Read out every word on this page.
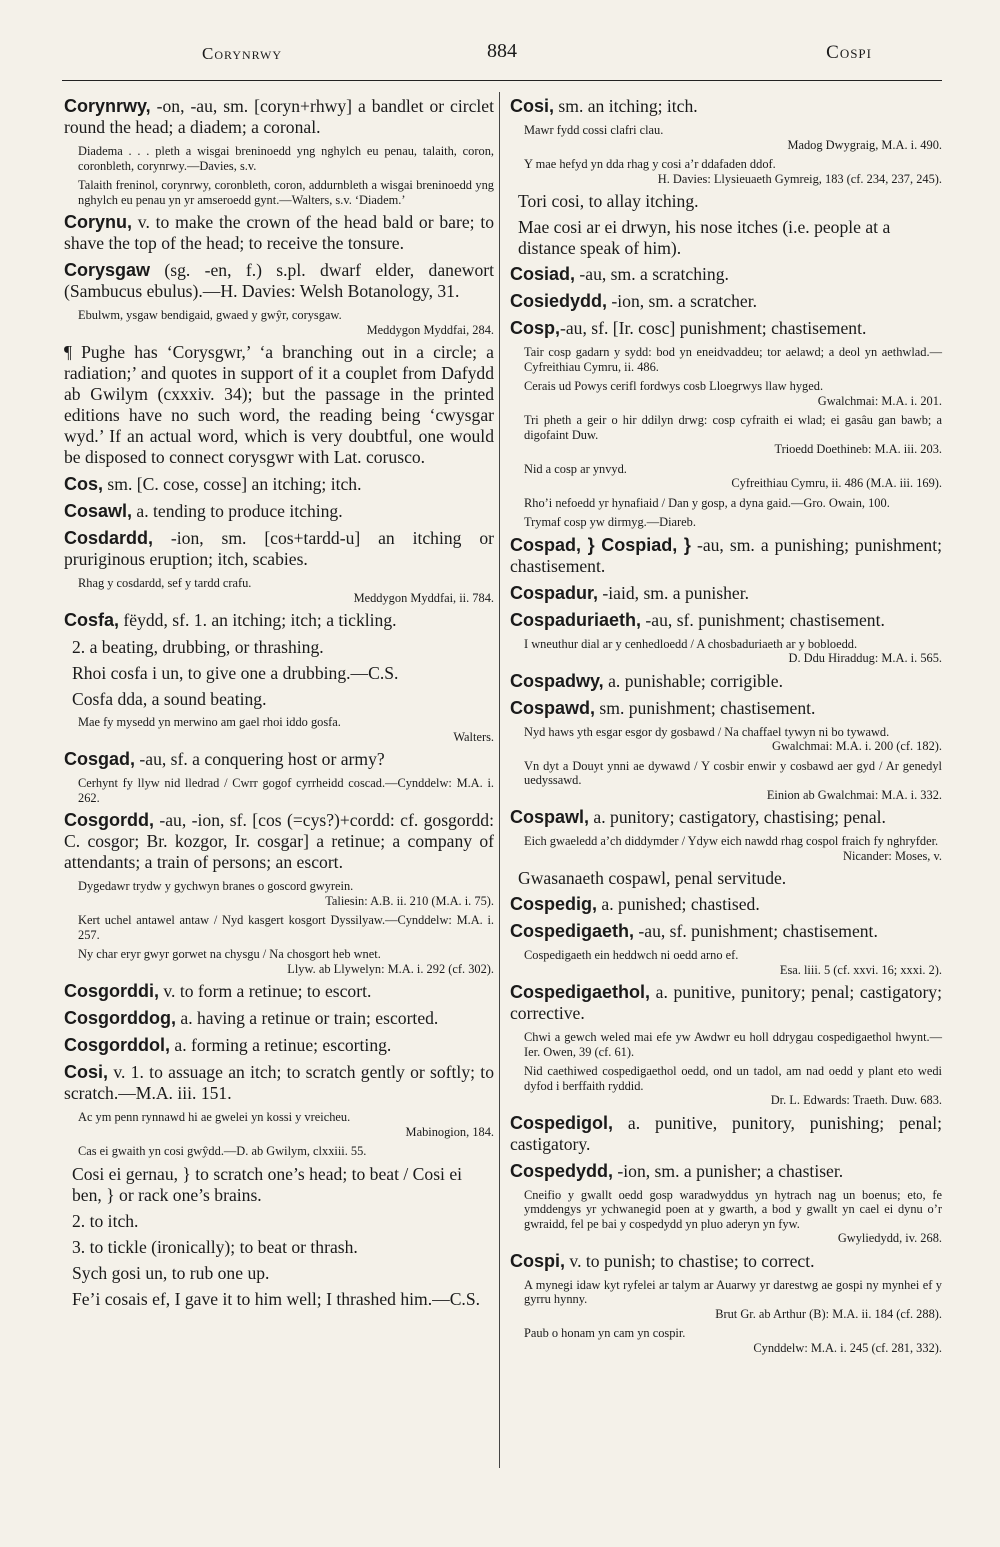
Corynrwy	884	Cospi
Corynrwy, -on, -au, sm. [coryn+rhwy] a bandlet or circlet round the head; a diadem; a coronal.
Diadema . . . pleth a wisgai breninoedd yng nghylch eu penau, talaith, coron, coronbleth, corynrwy.—Davies, s.v.
Talaith freninol, corynrwy, coronbleth, coron, addurnbleth a wisgai breninoedd yng nghylch eu penau yn yr amseroedd gynt.—Walters, s.v. ‘Diadem.’
Corynu, v. to make the crown of the head bald or bare; to shave the top of the head; to receive the tonsure.
Corysgaw (sg. -en, f.) s.pl. dwarf elder, danewort (Sambucus ebulus).—H. Davies: Welsh Botanology, 31.
Ebulwm, ysgaw bendigaid, gwaed y gwŷr, corysgaw.
Meddygon Myddfai, 284.
¶ Pughe has ‘Corysgwr,’ ‘a branching out in a circle; a radiation;’ and quotes in support of it a couplet from Dafydd ab Gwilym (cxxxiv. 34); but the passage in the printed editions have no such word, the reading being ‘cwysgar wyd.’ If an actual word, which is very doubtful, one would be disposed to connect corysgwr with Lat. corusco.
Cos, sm. [C. cose, cosse] an itching; itch.
Cosawl, a. tending to produce itching.
Cosdardd, -ion, sm. [cos+tardd-u] an itching or pruriginous eruption; itch, scabies.
Rhag y cosdardd, sef y tardd crafu.
Meddygon Myddfai, ii. 784.
Cosfa, fëydd, sf. 1. an itching; itch; a tickling.
2. a beating, drubbing, or thrashing.
Rhoi cosfa i un, to give one a drubbing.—C.S.
Cosfa dda, a sound beating.
Mae fy mysedd yn merwino am gael rhoi iddo gosfa.
Walters.
Cosgad, -au, sf. a conquering host or army?
Cerhynt fy llyw nid lledrad / Cwrr gogof cyrrheidd coscad.—Cynddelw: M.A. i. 262.
Cosgordd, -au, -ion, sf. [cos (=cys?)+cordd: cf. gosgordd: C. cosgor; Br. kozgor, Ir. cosgar] a retinue; a company of attendants; a train of persons; an escort.
Dygedawr trydw y gychwyn branes o goscord gwyrein.
Taliesin: A.B. ii. 210 (M.A. i. 75).
Kert uchel antawel antaw / Nyd kasgert kosgort Dyssilyaw.—Cynddelw: M.A. i. 257.
Ny char eryr gwyr gorwet na chysgu / Na chosgort heb wnet.
Llyw. ab Llywelyn: M.A. i. 292 (cf. 302).
Cosgorddi, v. to form a retinue; to escort.
Cosgorddog, a. having a retinue or train; escorted.
Cosgorddol, a. forming a retinue; escorting.
Cosi, v. 1. to assuage an itch; to scratch gently or softly; to scratch.—M.A. iii. 151.
Ac ym penn rynnawd hi ae gwelei yn kossi y vreicheu.
Mabinogion, 184.
Cas ei gwaith yn cosi gwŷdd.—D. ab Gwilym, clxxiii. 55.
Cosi ei gernau, } to scratch one’s head; to beat / Cosi ei ben, } or rack one’s brains.
2. to itch.
3. to tickle (ironically); to beat or thrash.
Sych gosi un, to rub one up.
Fe’i cosais ef, I gave it to him well; I thrashed him.—C.S.
Cosi, sm. an itching; itch.
Mawr fydd cossi clafri clau.
Madog Dwygraig, M.A. i. 490.
Y mae hefyd yn dda rhag y cosi a’r ddafaden ddof.
H. Davies: Llysieuaeth Gymreig, 183 (cf. 234, 237, 245).
Tori cosi, to allay itching.
Mae cosi ar ei drwyn, his nose itches (i.e. people at a distance speak of him).
Cosiad, -au, sm. a scratching.
Cosiedydd, -ion, sm. a scratcher.
Cosp,-au, sf. [Ir. cosc] punishment; chastisement.
Tair cosp gadarn y sydd: bod yn eneidvaddeu; tor aelawd; a deol yn aethwlad.—Cyfreithiau Cymru, ii. 486.
Cerais ud Powys cerifl fordwys cosb Lloegrwys llaw hyged.
Gwalchmai: M.A. i. 201.
Tri pheth a geir o hir ddilyn drwg: cosp cyfraith ei wlad; ei gasâu gan bawb; a digofaint Duw.
Trioedd Doethineb: M.A. iii. 203.
Nid a cosp ar ynvyd.
Cyfreithiau Cymru, ii. 486 (M.A. iii. 169).
Rho’i nefoedd yr hynafiaid / Dan y gosp, a dyna gaid.—Gro. Owain, 100.
Trymaf cosp yw dirmyg.—Diareb.
Cospad, } Cospiad, } -au, sm. a punishing; punishment; chastisement.
Cospadur, -iaid, sm. a punisher.
Cospaduriaeth, -au, sf. punishment; chastisement.
I wneuthur dial ar y cenhedloedd / A chosbaduriaeth ar y bobloedd.
D. Ddu Hiraddug: M.A. i. 565.
Cospadwy, a. punishable; corrigible.
Cospawd, sm. punishment; chastisement.
Nyd haws yth esgar esgor dy gosbawd / Na chaffael tywyn ni bo tywawd.
Gwalchmai: M.A. i. 200 (cf. 182).
Vn dyt a Douyt ynni ae dywawd / Y cosbir enwir y cosbawd aer gyd / Ar genedyl uedyssawd.
Einion ab Gwalchmai: M.A. i. 332.
Cospawl, a. punitory; castigatory, chastising; penal.
Eich gwaeledd a’ch diddymder / Ydyw eich nawdd rhag cospol fraich fy nghryfder.
Nicander: Moses, v.
Gwasanaeth cospawl, penal servitude.
Cospedig, a. punished; chastised.
Cospedigaeth, -au, sf. punishment; chastisement.
Cospedigaeth ein heddwch ni oedd arno ef.
Esa. liii. 5 (cf. xxvi. 16; xxxi. 2).
Cospedigaethol, a. punitive, punitory; penal; castigatory; corrective.
Chwi a gewch weled mai efe yw Awdwr eu holl ddrygau cospedigaethol hwynt.—Ier. Owen, 39 (cf. 61).
Nid caethiwed cospedigaethol oedd, ond un tadol, am nad oedd y plant eto wedi dyfod i berffaith ryddid.
Dr. L. Edwards: Traeth. Duw. 683.
Cospedigol, a. punitive, punitory, punishing; penal; castigatory.
Cospedydd, -ion, sm. a punisher; a chastiser.
Cneifio y gwallt oedd gosp waradwyddus yn hytrach nag un boenus; eto, fe ymddengys yr ychwanegid poen at y gwarth, a bod y gwallt yn cael ei dynu o’r gwraidd, fel pe bai y cospedydd yn pluo aderyn yn fyw.
Gwyliedydd, iv. 268.
Cospi, v. to punish; to chastise; to correct.
A mynegi idaw kyt ryfelei ar talym ar Auarwy yr darestwg ae gospi ny mynhei ef y gyrru hynny.
Brut Gr. ab Arthur (B): M.A. ii. 184 (cf. 288).
Paub o honam yn cam yn cospir.
Cynddelw: M.A. i. 245 (cf. 281, 332).
